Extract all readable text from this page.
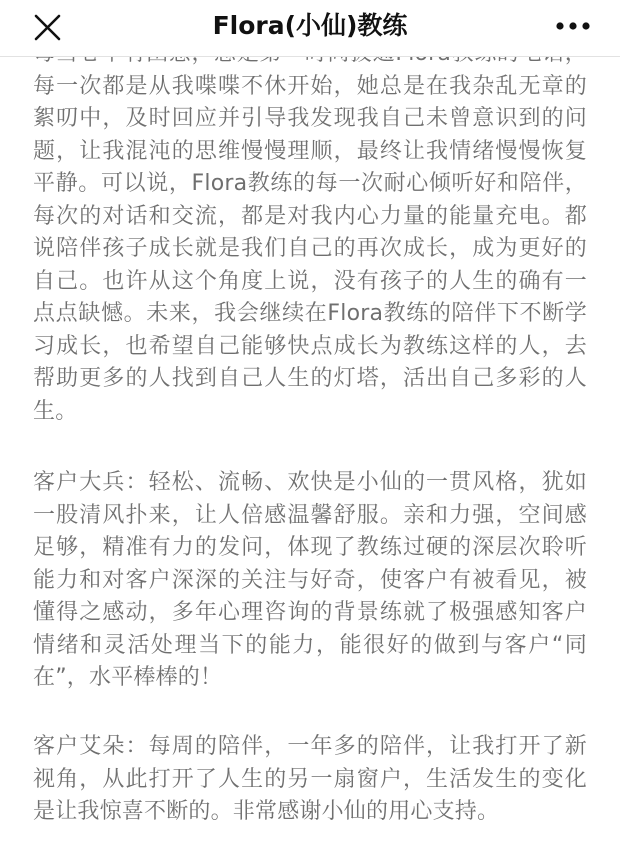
每一次都是从我喋喋不休开始，她总是在我杂乱无章的絮叨中，及时回应并引导我发现我自己未曾意识到的问题，让我混沌的思维慢慢理顺，最终让我情绪慢慢恢复平静。可以说，Flora教练的每一次耐心倾听好和陪伴，每次的对话和交流，都是对我内心力量的能量充电。都说陪伴孩子成长就是我们自己的再次成长，成为更好的自己。也许从这个角度上说，没有孩子的人生的确有一点点缺憾。未来，我会继续在Flora教练的陪伴下不断学习成长，也希望自己能够快点成长为教练这样的人，去帮助更多的人找到自己人生的灯塔，活出自己多彩的人生。

客户大兵：轻松、流畅、欢快是小仙的一贯风格，犹如一股清风扑来，让人倍感温馨舒服。亲和力强，空间感足够，精准有力的发问，体现了教练过硬的深层次聆听能力和对客户深深的关注与好奇，使客户有被看见，被懂得之感动，多年心理咨询的背景练就了极强感知客户情绪和灵活处理当下的能力，能很好的做到与客户“同在”，水平棒棒的！

客户艾朵：每周的陪伴，一年多的陪伴，让我打开了新视角，从此打开了人生的另一扇窗户，生活发生的变化是让我惊喜不断的。非常感谢小仙的用心支持。

Flora(小仙)教练
